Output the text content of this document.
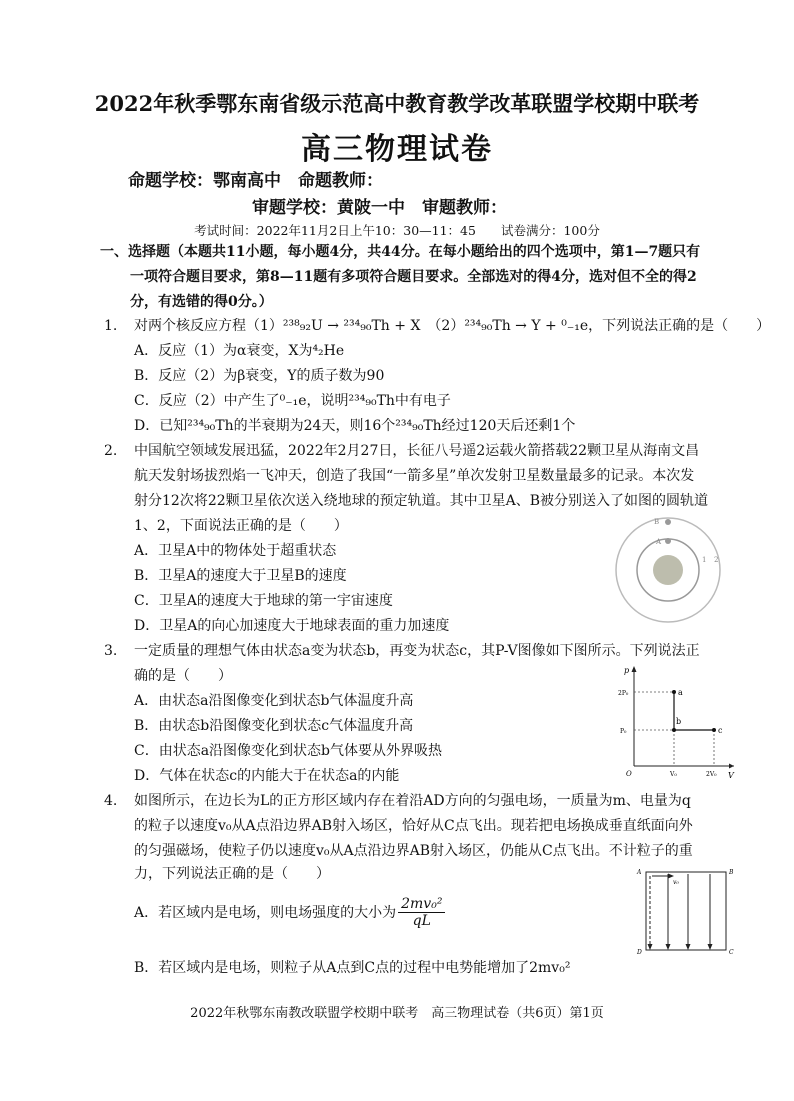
2022年秋季鄂东南省级示范高中教育教学改革联盟学校期中联考
高三物理试卷
命题学校：鄂南高中　命题教师：
审题学校：黄陂一中　审题教师：
考试时间：2022年11月2日上午10：30—11：45　　试卷满分：100分
一、选择题（本题共11小题，每小题4分，共44分。在每小题给出的四个选项中，第1—7题只有
一项符合题目要求，第8—11题有多项符合题目要求。全部选对的得4分，选对但不全的得2
分，有选错的得0分。）
1. 对两个核反应方程（1）²³⁸₉₂U → ²³⁴₉₀Th + X　（2）²³⁴₉₀Th → Y + ⁰₋₁e，下列说法正确的是（　　）
A．反应（1）为α衰变，X为⁴₂He
B．反应（2）为β衰变，Y的质子数为90
C．反应（2）中产生了⁰₋₁e，说明²³⁴₉₀Th中有电子
D．已知²³⁴₉₀Th的半衰期为24天，则16个²³⁴₉₀Th经过120天后还剩1个
2. 中国航空领域发展迅猛，2022年2月27日，长征八号遥2运载火箭搭载22颗卫星从海南文昌
航天发射场拔烈焰一飞冲天，创造了我国“一箭多星”单次发射卫星数量最多的记录。本次发
射分12次将22颗卫星依次送入绕地球的预定轨道。其中卫星A、B被分别送入了如图的圆轨道
1、2，下面说法正确的是（　　）
A．卫星A中的物体处于超重状态
B．卫星A的速度大于卫星B的速度
C．卫星A的速度大于地球的第一宇宙速度
D．卫星A的向心加速度大于地球表面的重力加速度
B
A
1 2
3. 一定质量的理想气体由状态a变为状态b，再变为状态c，其P-V图像如下图所示。下列说法正
确的是（　　）
A．由状态a沿图像变化到状态b气体温度升高
B．由状态b沿图像变化到状态c气体温度升高
C．由状态a沿图像变化到状态b气体要从外界吸热
D．气体在状态c的内能大于在状态a的内能
a
b
c
p
V
O
2P₀
P₀
V₀	2V₀
4. 如图所示，在边长为L的正方形区域内存在着沿AD方向的匀强电场，一质量为m、电量为q
的粒子以速度v₀从A点沿边界AB射入场区，恰好从C点飞出。现若把电场换成垂直纸面向外
的匀强磁场，使粒子仍以速度v₀从A点沿边界AB射入场区，仍能从C点飞出。不计粒子的重
力，下列说法正确的是（　　）
A．若区域内是电场，则电场强度的大小为 $\frac{\text{2mv₀²}}{qL}$
B．若区域内是电场，则粒子从A点到C点的过程中电势能增加了2mv₀²
v₀
A	B
C
D
2022年秋鄂东南教改联盟学校期中联考　高三物理试卷（共6页）第1页
